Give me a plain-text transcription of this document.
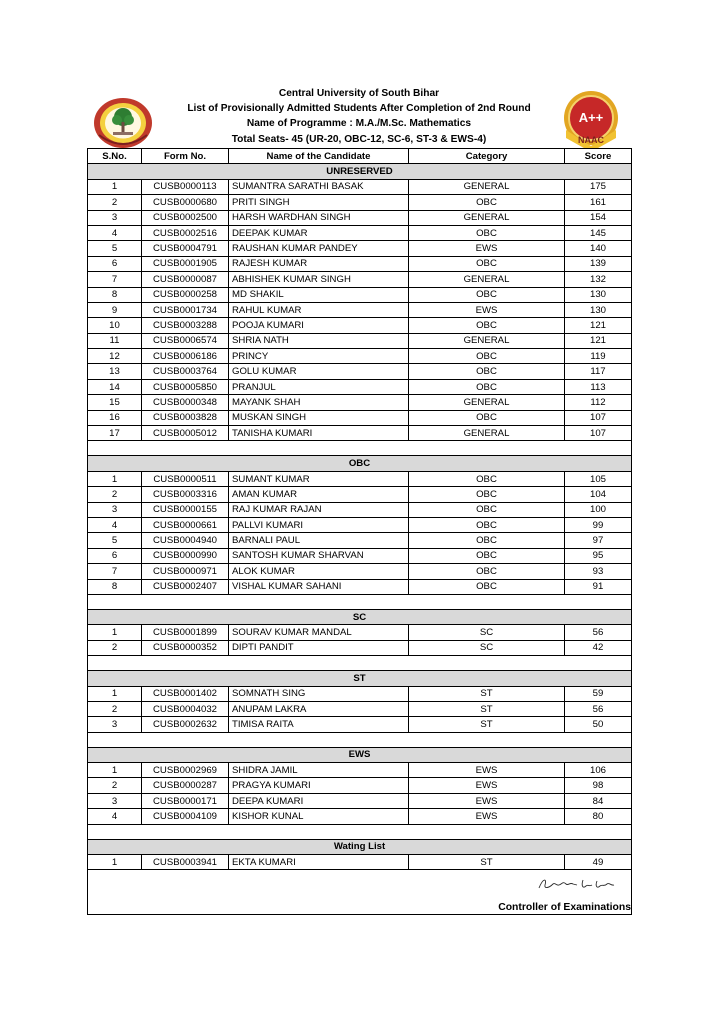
Central University of South Bihar
List of Provisionally Admitted Students After Completion of 2nd Round
Name of Programme : M.A./M.Sc. Mathematics
Total Seats- 45 (UR-20, OBC-12, SC-6, ST-3 & EWS-4)
A++
NAAC
S.No.	Form No.	Name of the Candidate	Category	Score
UNRESERVED				
1	CUSB0000113	SUMANTRA SARATHI BASAK	GENERAL	175
2	CUSB0000680	PRITI SINGH	OBC	161
3	CUSB0002500	HARSH WARDHAN SINGH	GENERAL	154
4	CUSB0002516	DEEPAK KUMAR	OBC	145
5	CUSB0004791	RAUSHAN KUMAR PANDEY	EWS	140
6	CUSB0001905	RAJESH KUMAR	OBC	139
7	CUSB0000087	ABHISHEK KUMAR SINGH	GENERAL	132
8	CUSB0000258	MD SHAKIL	OBC	130
9	CUSB0001734	RAHUL KUMAR	EWS	130
10	CUSB0003288	POOJA KUMARI	OBC	121
11	CUSB0006574	SHRIA NATH	GENERAL	121
12	CUSB0006186	PRINCY	OBC	119
13	CUSB0003764	GOLU KUMAR	OBC	117
14	CUSB0005850	PRANJUL	OBC	113
15	CUSB0000348	MAYANK SHAH	GENERAL	112
16	CUSB0003828	MUSKAN SINGH	OBC	107
17	CUSB0005012	TANISHA KUMARI	GENERAL	107

OBC				
1	CUSB0000511	SUMANT KUMAR	OBC	105
2	CUSB0003316	AMAN KUMAR	OBC	104
3	CUSB0000155	RAJ KUMAR RAJAN	OBC	100
4	CUSB0000661	PALLVI KUMARI	OBC	99
5	CUSB0004940	BARNALI PAUL	OBC	97
6	CUSB0000990	SANTOSH KUMAR SHARVAN	OBC	95
7	CUSB0000971	ALOK KUMAR	OBC	93
8	CUSB0002407	VISHAL KUMAR SAHANI	OBC	91

SC				
1	CUSB0001899	SOURAV KUMAR MANDAL	SC	56
2	CUSB0000352	DIPTI PANDIT	SC	42

ST				
1	CUSB0001402	SOMNATH SING	ST	59
2	CUSB0004032	ANUPAM LAKRA	ST	56
3	CUSB0002632	TIMISA RAITA	ST	50

EWS				
1	CUSB0002969	SHIDRA JAMIL	EWS	106
2	CUSB0000287	PRAGYA KUMARI	EWS	98
3	CUSB0000171	DEEPA KUMARI	EWS	84
4	CUSB0004109	KISHOR KUNAL	EWS	80

Wating List				
1	CUSB0003941	EKTA KUMARI	ST	49
Controller of Examinations
